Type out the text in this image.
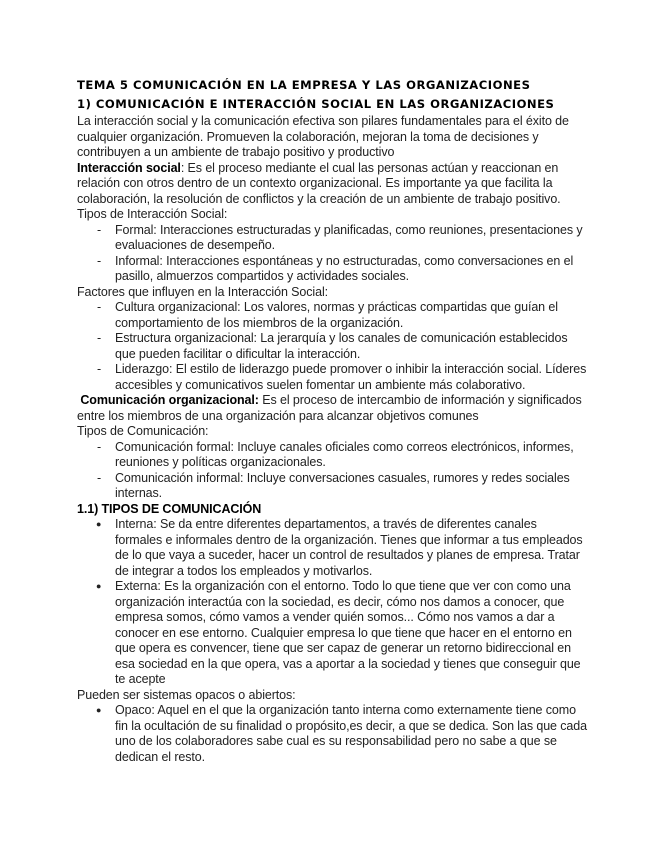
TEMA 5 COMUNICACIÓN EN LA EMPRESA Y LAS ORGANIZACIONES
1) COMUNICACIÓN E INTERACCIÓN SOCIAL EN LAS ORGANIZACIONES

La interacción social y la comunicación efectiva son pilares fundamentales para el éxito de cualquier organización. Promueven la colaboración, mejoran la toma de decisiones y contribuyen a un ambiente de trabajo positivo y productivo

Interacción social: Es el proceso mediante el cual las personas actúan y reaccionan en relación con otros dentro de un contexto organizacional. Es importante ya que facilita la colaboración, la resolución de conflictos y la creación de un ambiente de trabajo positivo.

Tipos de Interacción Social:

- Formal: Interacciones estructuradas y planificadas, como reuniones, presentaciones y evaluaciones de desempeño.
- Informal: Interacciones espontáneas y no estructuradas, como conversaciones en el pasillo, almuerzos compartidos y actividades sociales.

Factores que influyen en la Interacción Social:

- Cultura organizacional: Los valores, normas y prácticas compartidas que guían el comportamiento de los miembros de la organización.
- Estructura organizacional: La jerarquía y los canales de comunicación establecidos que pueden facilitar o dificultar la interacción.
- Liderazgo: El estilo de liderazgo puede promover o inhibir la interacción social. Líderes accesibles y comunicativos suelen fomentar un ambiente más colaborativo.

Comunicación organizacional: Es el proceso de intercambio de información y significados entre los miembros de una organización para alcanzar objetivos comunes

Tipos de Comunicación:

- Comunicación formal: Incluye canales oficiales como correos electrónicos, informes, reuniones y políticas organizacionales.
- Comunicación informal: Incluye conversaciones casuales, rumores y redes sociales internas.

1.1) TIPOS DE COMUNICACIÓN

● Interna: Se da entre diferentes departamentos, a través de diferentes canales formales e informales dentro de la organización. Tienes que informar a tus empleados de lo que vaya a suceder, hacer un control de resultados y planes de empresa. Tratar de integrar a todos los empleados y motivarlos.
● Externa: Es la organización con el entorno. Todo lo que tiene que ver con como una organización interactúa con la sociedad, es decir, cómo nos damos a conocer, que empresa somos, cómo vamos a vender quién somos... Cómo nos vamos a dar a conocer en ese entorno. Cualquier empresa lo que tiene que hacer en el entorno en que opera es convencer, tiene que ser capaz de generar un retorno bidireccional en esa sociedad en la que opera, vas a aportar a la sociedad y tienes que conseguir que te acepte

Pueden ser sistemas opacos o abiertos:

● Opaco: Aquel en el que la organización tanto interna como externamente tiene como fin la ocultación de su finalidad o propósito,es decir, a que se dedica. Son las que cada uno de los colaboradores sabe cual es su responsabilidad pero no sabe a que se dedican el resto.
